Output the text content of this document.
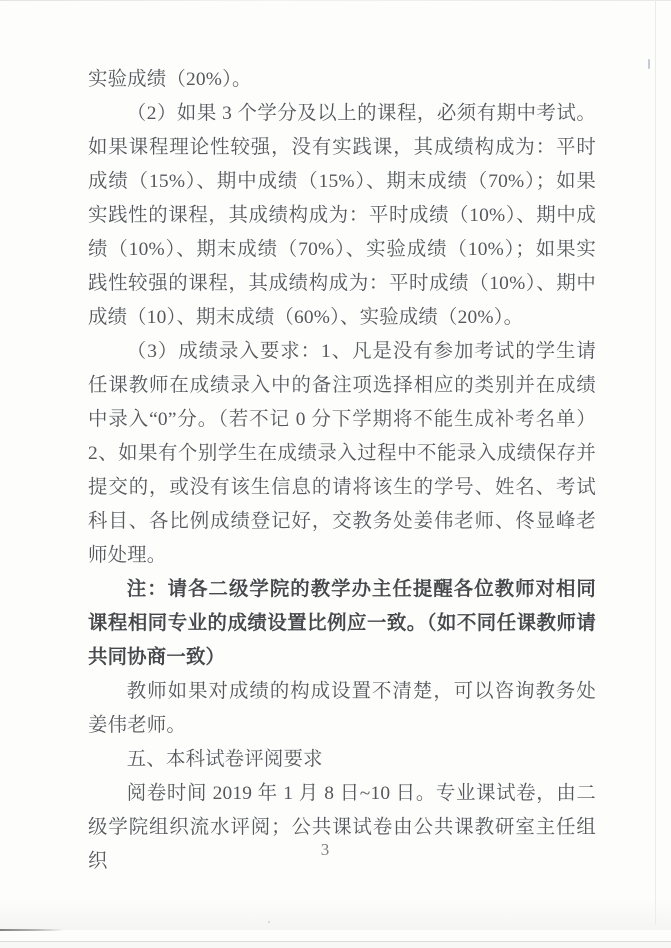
实验成绩（20%）。

（2）如果 3 个学分及以上的课程，必须有期中考试。如果课程理论性较强，没有实践课，其成绩构成为：平时成绩（15%）、期中成绩（15%）、期末成绩（70%）；如果实践性的课程，其成绩构成为：平时成绩（10%）、期中成绩（10%）、期末成绩（70%）、实验成绩（10%）；如果实践性较强的课程，其成绩构成为：平时成绩（10%）、期中成绩（10）、期末成绩（60%）、实验成绩（20%）。

（3）成绩录入要求：1、凡是没有参加考试的学生请任课教师在成绩录入中的备注项选择相应的类别并在成绩中录入“0”分。（若不记 0 分下学期将不能生成补考名单）2、如果有个别学生在成绩录入过程中不能录入成绩保存并提交的，或没有该生信息的请将该生的学号、姓名、考试科目、各比例成绩登记好，交教务处姜伟老师、佟显峰老师处理。

注：请各二级学院的教学办主任提醒各位教师对相同课程相同专业的成绩设置比例应一致。（如不同任课教师请共同协商一致）

教师如果对成绩的构成设置不清楚，可以咨询教务处姜伟老师。

五、本科试卷评阅要求

阅卷时间 2019 年 1 月 8 日~10 日。专业课试卷，由二级学院组织流水评阅；公共课试卷由公共课教研室主任组织

3
